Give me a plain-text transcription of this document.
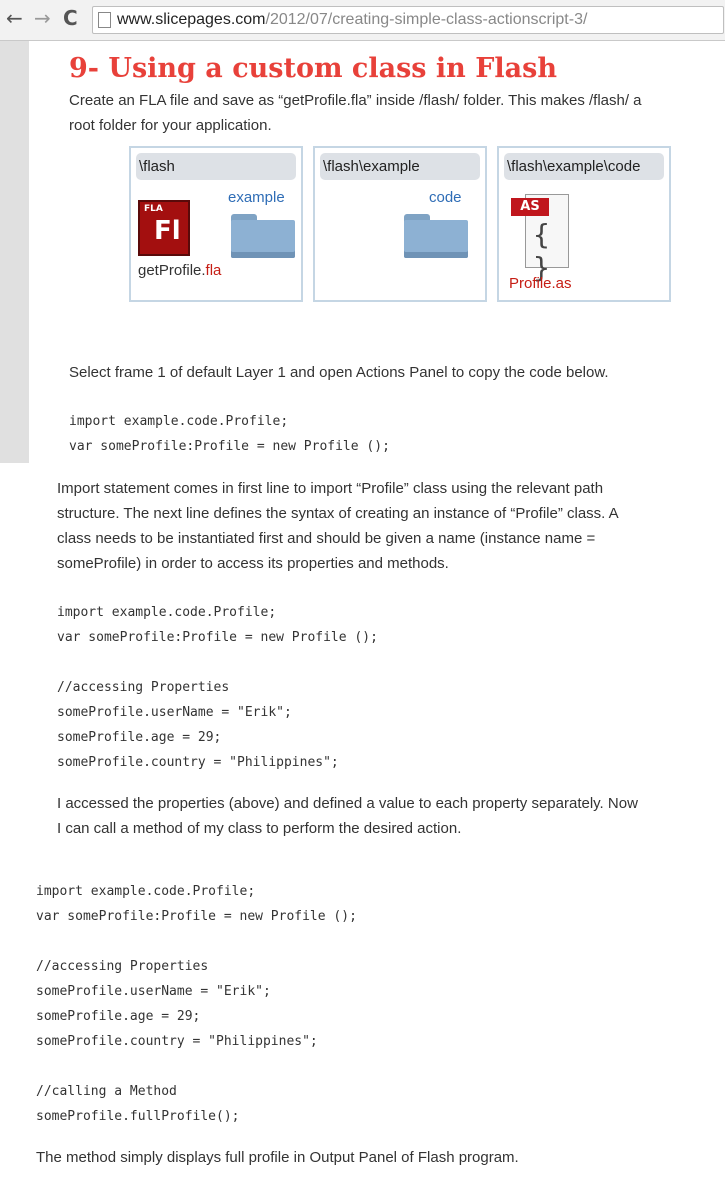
← → C www.slicepages.com/2012/07/creating-simple-class-actionscript-3/
9- Using a custom class in Flash
Create an FLA file and save as “getProfile.fla” inside /flash/ folder. This makes /flash/ a
root folder for your application.
\flash
example
FLA
Fl
getProfile.fla
\flash\example
code
\flash\example\code
AS
{ }
Profile.as
Select frame 1 of default Layer 1 and open Actions Panel to copy the code below.
import example.code.Profile;
var someProfile:Profile = new Profile ();
Import statement comes in first line to import “Profile” class using the relevant path
structure. The next line defines the syntax of creating an instance of “Profile” class. A
class needs to be instantiated first and should be given a name (instance name =
someProfile) in order to access its properties and methods.
import example.code.Profile;
var someProfile:Profile = new Profile ();
//accessing Properties
someProfile.userName = "Erik";
someProfile.age = 29;
someProfile.country = "Philippines";
I accessed the properties (above) and defined a value to each property separately. Now
I can call a method of my class to perform the desired action.
import example.code.Profile;
var someProfile:Profile = new Profile ();
//accessing Properties
someProfile.userName = "Erik";
someProfile.age = 29;
someProfile.country = "Philippines";
//calling a Method
someProfile.fullProfile();
The method simply displays full profile in Output Panel of Flash program.
